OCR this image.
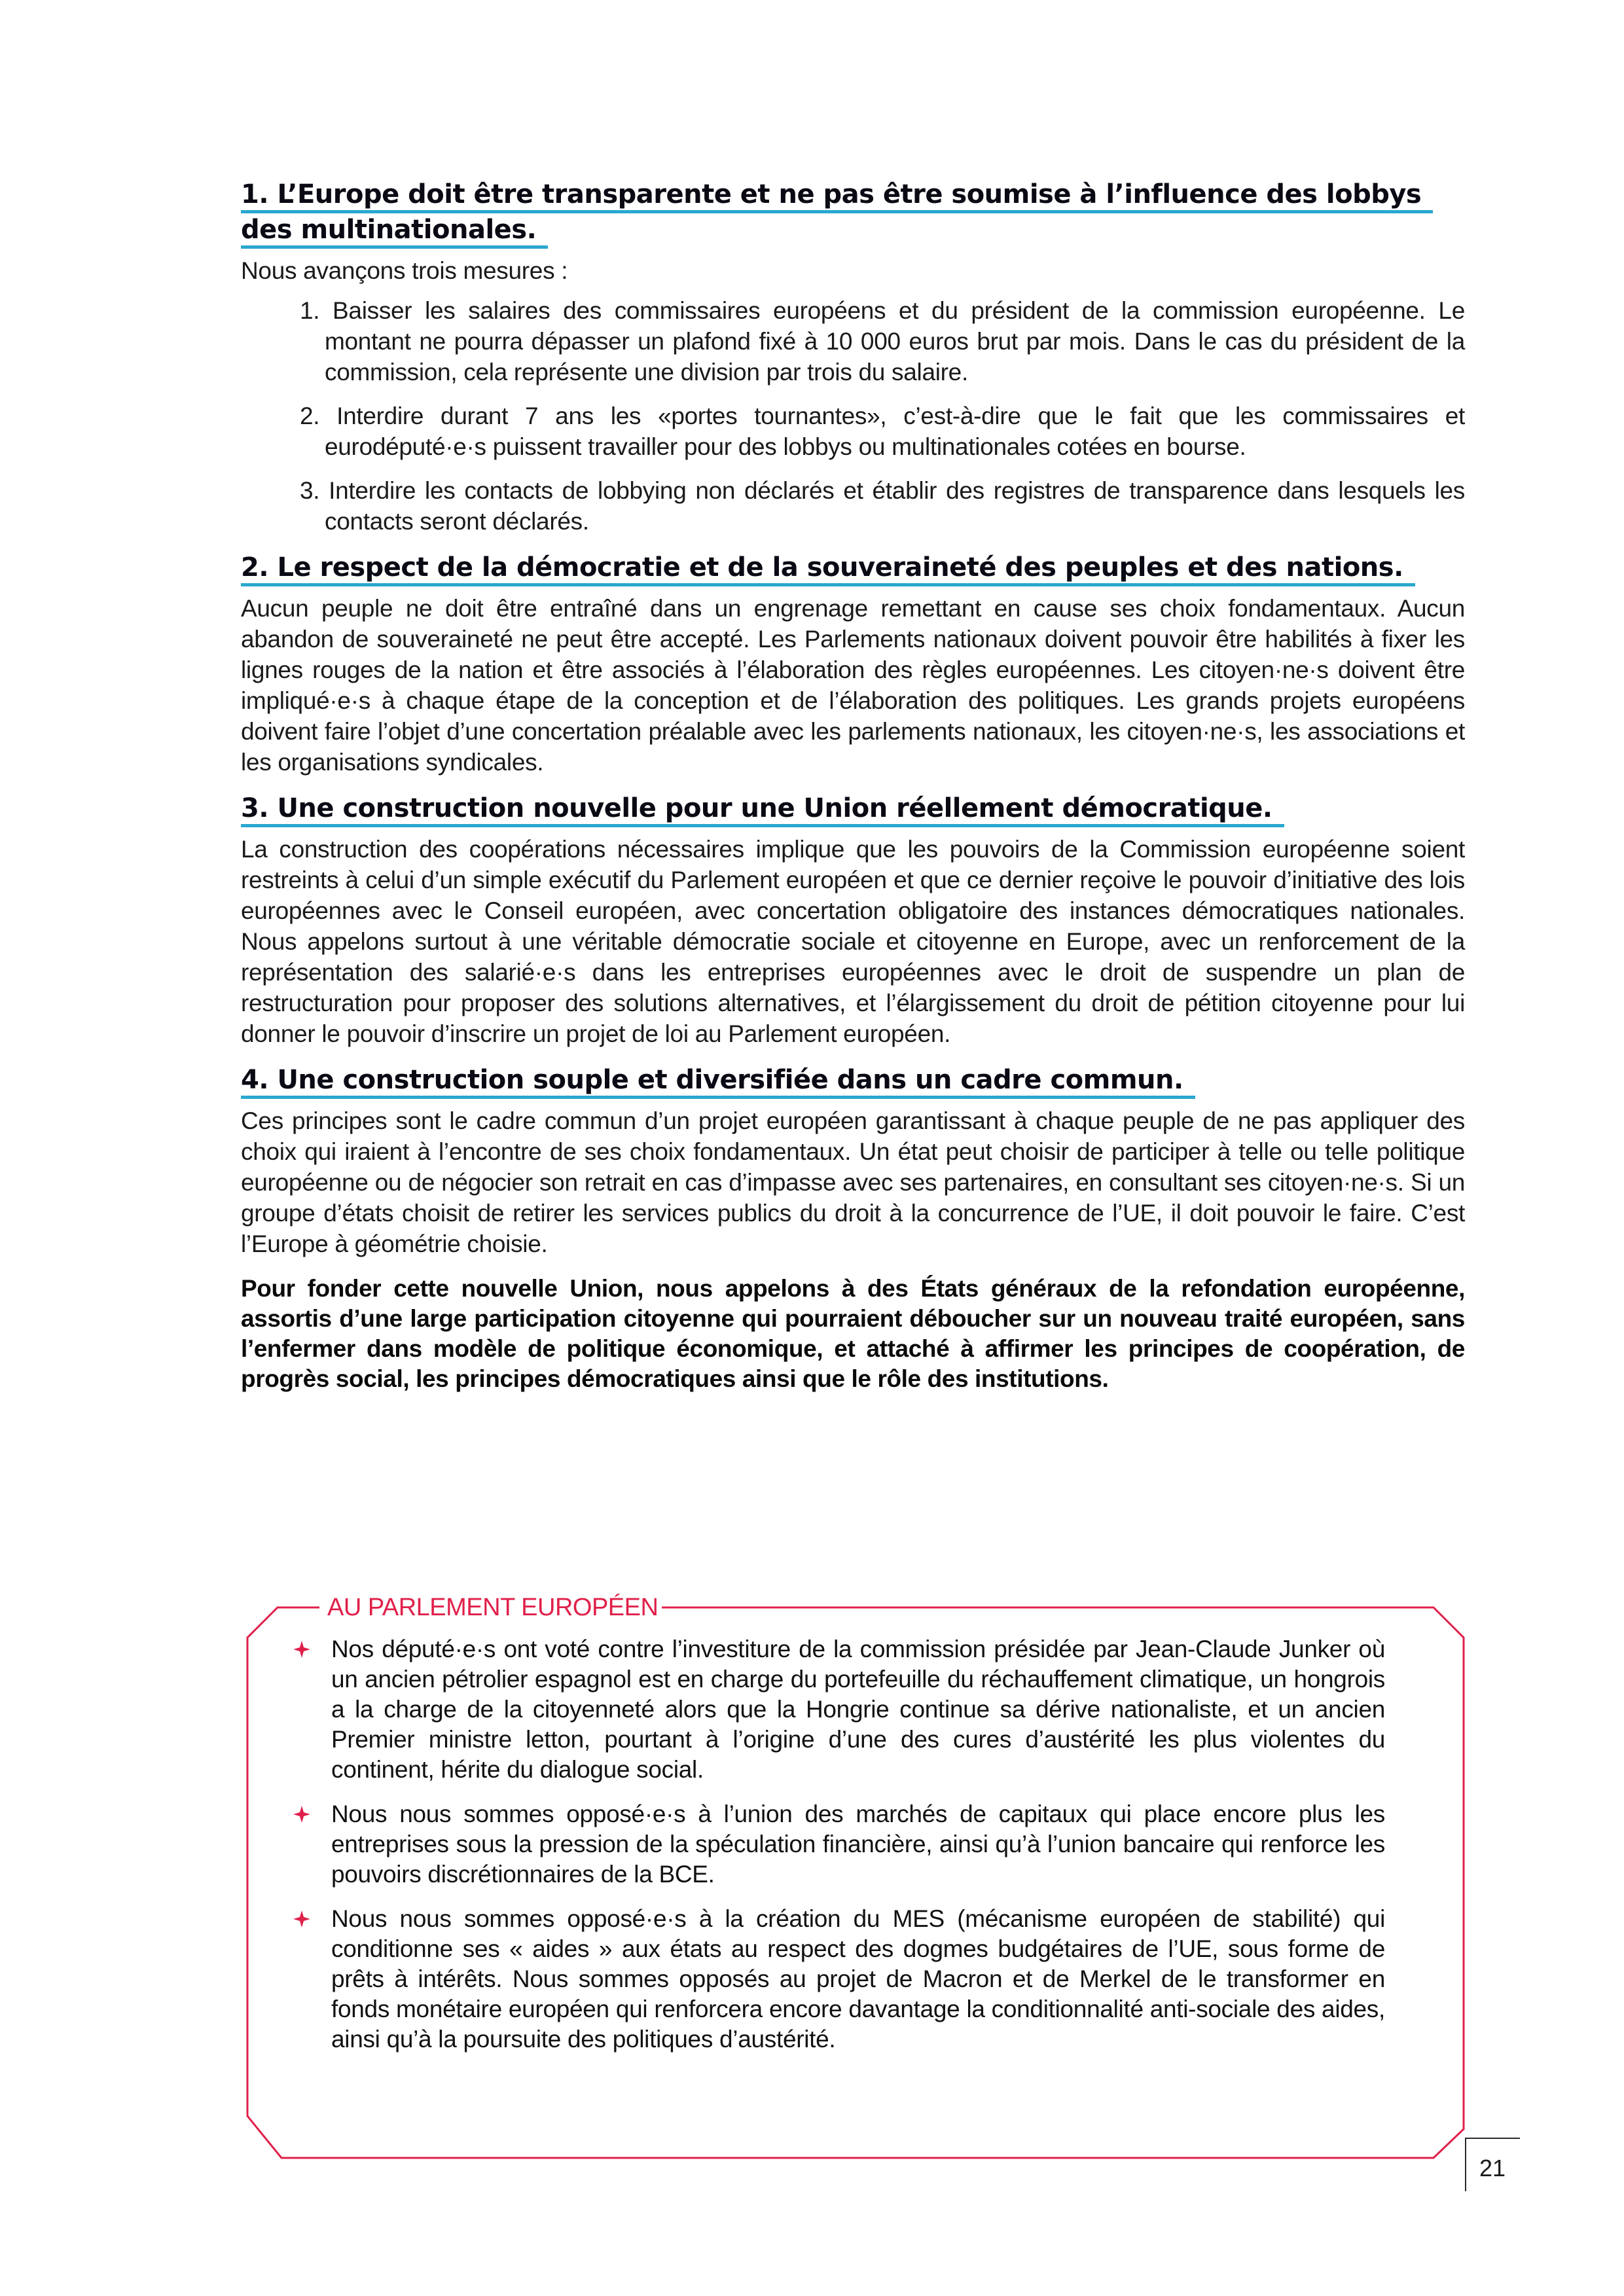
1. L’Europe doit être transparente et ne pas être soumise à l’influence des lobbys des multinationales.

Nous avançons trois mesures :

1. Baisser les salaires des commissaires européens et du président de la commission européenne. Le montant ne pourra dépasser un plafond fixé à 10 000 euros brut par mois. Dans le cas du président de la commission, cela représente une division par trois du salaire.
2. Interdire durant 7 ans les «portes tournantes», c’est-à-dire que le fait que les commissaires et eurodéputé·e·s puissent travailler pour des lobbys ou multinationales cotées en bourse.
3. Interdire les contacts de lobbying non déclarés et établir des registres de transparence dans lesquels les contacts seront déclarés.
2. Le respect de la démocratie et de la souveraineté des peuples et des nations.

Aucun peuple ne doit être entraîné dans un engrenage remettant en cause ses choix fondamentaux. Aucun abandon de souveraineté ne peut être accepté. Les Parlements nationaux doivent pouvoir être habilités à fixer les lignes rouges de la nation et être associés à l’élaboration des règles européennes. Les citoyen·ne·s doivent être impliqué·e·s à chaque étape de la conception et de l’élaboration des politiques. Les grands projets européens doivent faire l’objet d’une concertation préalable avec les parlements nationaux, les citoyen·ne·s, les associations et les organisations syndicales.

3. Une construction nouvelle pour une Union réellement démocratique.

La construction des coopérations nécessaires implique que les pouvoirs de la Commission européenne soient restreints à celui d’un simple exécutif du Parlement européen et que ce dernier reçoive le pouvoir d’initiative des lois européennes avec le Conseil européen, avec concertation obligatoire des instances démocratiques nationales. Nous appelons surtout à une véritable démocratie sociale et citoyenne en Europe, avec un renforcement de la représentation des salarié·e·s dans les entreprises européennes avec le droit de suspendre un plan de restructuration pour proposer des solutions alternatives, et l’élargissement du droit de pétition citoyenne pour lui donner le pouvoir d’inscrire un projet de loi au Parlement européen.

4. Une construction souple et diversifiée dans un cadre commun.

Ces principes sont le cadre commun d’un projet européen garantissant à chaque peuple de ne pas appliquer des choix qui iraient à l’encontre de ses choix fondamentaux. Un état peut choisir de participer à telle ou telle politique européenne ou de négocier son retrait en cas d’impasse avec ses partenaires, en consultant ses citoyen·ne·s. Si un groupe d’états choisit de retirer les services publics du droit à la concurrence de l’UE, il doit pouvoir le faire. C’est l’Europe à géométrie choisie.

Pour fonder cette nouvelle Union, nous appelons à des États généraux de la refondation européenne, assortis d’une large participation citoyenne qui pourraient déboucher sur un nouveau traité européen, sans l’enfermer dans modèle de politique économique, et attaché à affirmer les principes de coopération, de progrès social, les principes démocratiques ainsi que le rôle des institutions.

AU PARLEMENT EUROPÉEN
Nos député·e·s ont voté contre l’investiture de la commission présidée par Jean-Claude Junker où un ancien pétrolier espagnol est en charge du portefeuille du réchauffement climatique, un hongrois a la charge de la citoyenneté alors que la Hongrie continue sa dérive nationaliste, et un ancien Premier ministre letton, pourtant à l’origine d’une des cures d’austérité les plus violentes du continent, hérite du dialogue social.
Nous nous sommes opposé·e·s à l’union des marchés de capitaux qui place encore plus les entreprises sous la pression de la spéculation financière, ainsi qu’à l’union bancaire qui renforce les pouvoirs discrétionnaires de la BCE.
Nous nous sommes opposé·e·s à la création du MES (mécanisme européen de stabilité) qui conditionne ses « aides » aux états au respect des dogmes budgétaires de l’UE, sous forme de prêts à intérêts. Nous sommes opposés au projet de Macron et de Merkel de le transformer en fonds monétaire européen qui renforcera encore davantage la conditionnalité anti-sociale des aides, ainsi qu’à la poursuite des politiques d’austérité.
21
